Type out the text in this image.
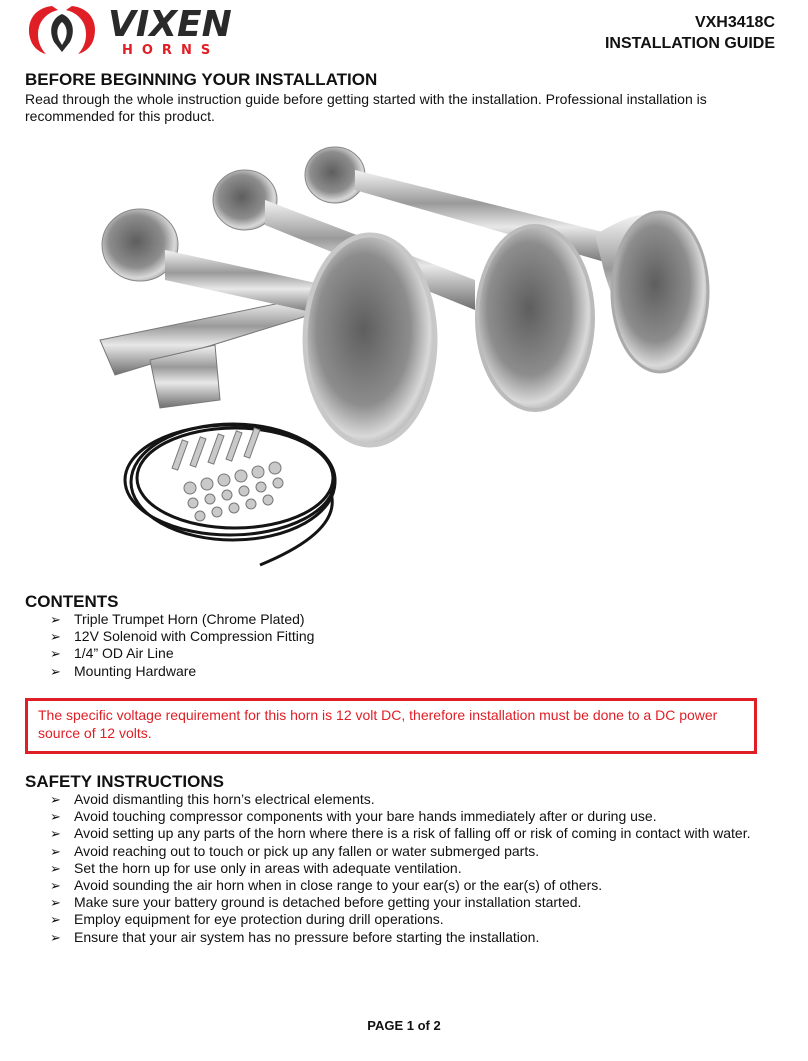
VIXEN
HORNS
VXH3418C
INSTALLATION GUIDE
BEFORE BEGINNING YOUR INSTALLATION
Read through the whole instruction guide before getting started with the installation. Professional installation is recommended for this product.
CONTENTS
➢ Triple Trumpet Horn (Chrome Plated)
➢ 12V Solenoid with Compression Fitting
➢ 1/4” OD Air Line
➢ Mounting Hardware
The specific voltage requirement for this horn is 12 volt DC, therefore installation must be done to a DC power source of 12 volts.
SAFETY INSTRUCTIONS
➢ Avoid dismantling this horn’s electrical elements.
➢ Avoid touching compressor components with your bare hands immediately after or during use.
➢ Avoid setting up any parts of the horn where there is a risk of falling off or risk of coming in contact with water.
➢ Avoid reaching out to touch or pick up any fallen or water submerged parts.
➢ Set the horn up for use only in areas with adequate ventilation.
➢ Avoid sounding the air horn when in close range to your ear(s) or the ear(s) of others.
➢ Make sure your battery ground is detached before getting your installation started.
➢ Employ equipment for eye protection during drill operations.
➢ Ensure that your air system has no pressure before starting the installation.
PAGE 1 of 2
